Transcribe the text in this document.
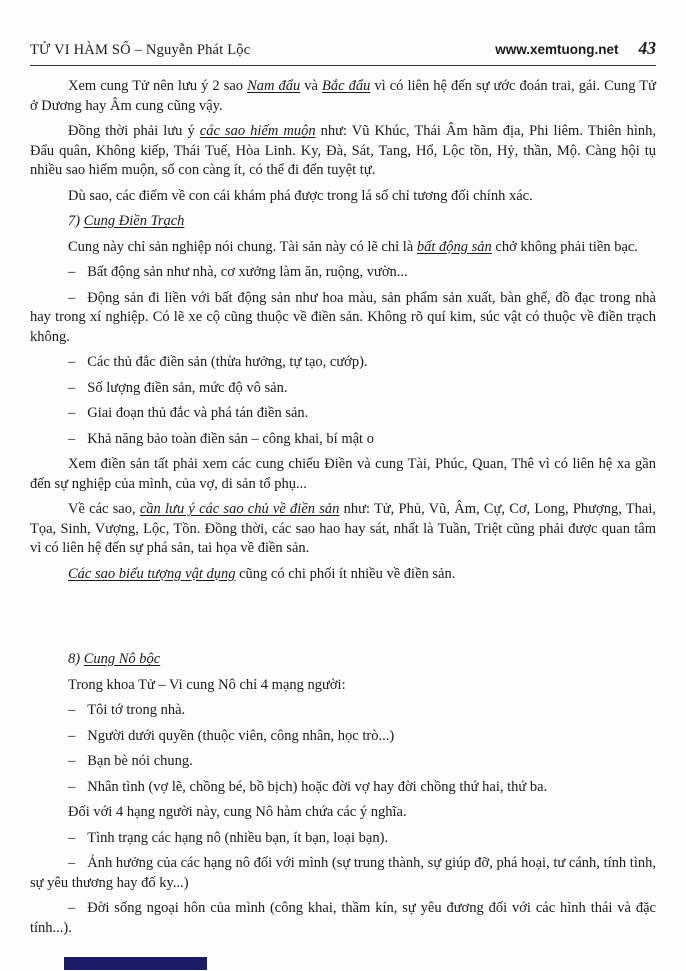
TỬ VI HÀM SỐ – Nguyễn Phát Lộc	www.xemtuong.net 43

Xem cung Tử nên lưu ý 2 sao Nam đẩu và Bắc đẩu vì có liên hệ đến sự ước đoán trai, gái. Cung Tử ở Dương hay Âm cung cũng vậy.

Đồng thời phải lưu ý các sao hiếm muộn như: Vũ Khúc, Thái Âm hãm địa, Phi liêm. Thiên hình, Đẩu quân, Không kiếp, Thái Tuế, Hòa Linh. Ky, Đà, Sát, Tang, Hổ, Lộc tồn, Hỷ, thần, Mộ. Càng hội tụ nhiều sao hiếm muộn, số con càng ít, có thể đi đến tuyệt tự.

Dù sao, các điểm về con cái khám phá được trong lá số chỉ tương đối chính xác.

7) Cung Điền Trạch

Cung này chỉ sản nghiệp nói chung. Tài sản này có lẽ chỉ là bất động sản chở không phải tiền bạc.

– Bất động sản như nhà, cơ xưởng làm ăn, ruộng, vườn...

– Động sản đi liền với bất động sản như hoa màu, sản phẩm sản xuất, bàn ghế, đồ đạc trong nhà hay trong xí nghiệp. Có lẽ xe cộ cũng thuộc về điền sản. Không rõ quí kim, súc vật có thuộc về điền trạch không.

– Các thủ đắc điền sản (thừa hưởng, tự tạo, cướp).

– Số lượng điền sản, mức độ vô sản.

– Giai đoạn thủ đắc và phá tán điền sản.

– Khả năng bảo toàn điền sản – công khai, bí mật o

Xem điền sản tất phải xem các cung chiếu Điền và cung Tài, Phúc, Quan, Thê vì có liên hệ xa gần đến sự nghiệp của mình, của vợ, di sản tổ phụ...

Về các sao, cần lưu ý các sao chủ về điền sản như: Tử, Phủ, Vũ, Âm, Cự, Cơ, Long, Phượng, Thai, Tọa, Sinh, Vượng, Lộc, Tồn. Đồng thời, các sao hao hay sát, nhất là Tuần, Triệt cũng phải được quan tâm vì có liên hệ đến sự phá sản, tai họa về điền sản.

Các sao biểu tượng vật dụng cũng có chi phối ít nhiều về điền sản.

8) Cung Nô bộc

Trong khoa Tử – Vi cung Nô chỉ 4 mạng người:

– Tôi tớ trong nhà.

– Người dưới quyền (thuộc viên, công nhân, học trò...)

– Bạn bè nói chung.

– Nhân tình (vợ lẽ, chồng bé, bồ bịch) hoặc đời vợ hay đời chồng thứ hai, thứ ba.

Đối với 4 hạng người này, cung Nô hàm chứa các ý nghĩa.

– Tình trạng các hạng nô (nhiều bạn, ít bạn, loại bạn).

– Ảnh hưởng của các hạng nô đối với mình (sự trung thành, sự giúp đỡ, phá hoại, tư cánh, tính tình, sự yêu thương hay đố ky...)

– Đời sống ngoại hôn của mình (công khai, thầm kín, sự yêu đương đối với các hình thái và đặc tính...).
